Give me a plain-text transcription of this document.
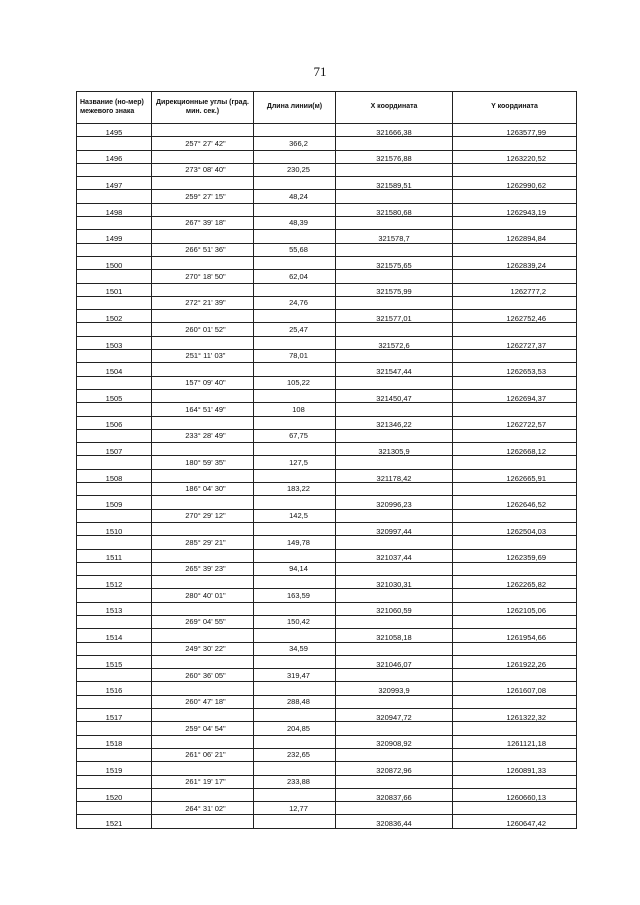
71
Название (но-мер) межевого знака	Дирекционные углы (град. мин. сек.)	Длина линии(м)	X координата	Y координата
1495			321666,38	1263577,99
	257° 27' 42"	366,2		
1496			321576,88	1263220,52
	273° 08' 40"	230,25		
1497			321589,51	1262990,62
	259° 27' 15"	48,24		
1498			321580,68	1262943,19
	267° 39' 18"	48,39		
1499			321578,7	1262894,84
	266° 51' 36"	55,68		
1500			321575,65	1262839,24
	270° 18' 50"	62,04		
1501			321575,99	1262777,2
	272° 21' 39"	24,76		
1502			321577,01	1262752,46
	260° 01' 52"	25,47		
1503			321572,6	1262727,37
	251° 11' 03"	78,01		
1504			321547,44	1262653,53
	157° 09' 40"	105,22		
1505			321450,47	1262694,37
	164° 51' 49"	108		
1506			321346,22	1262722,57
	233° 28' 49"	67,75		
1507			321305,9	1262668,12
	180° 59' 35"	127,5		
1508			321178,42	1262665,91
	186° 04' 30"	183,22		
1509			320996,23	1262646,52
	270° 29' 12"	142,5		
1510			320997,44	1262504,03
	285° 29' 21"	149,78		
1511			321037,44	1262359,69
	265° 39' 23"	94,14		
1512			321030,31	1262265,82
	280° 40' 01"	163,59		
1513			321060,59	1262105,06
	269° 04' 55"	150,42		
1514			321058,18	1261954,66
	249° 30' 22"	34,59		
1515			321046,07	1261922,26
	260° 36' 05"	319,47		
1516			320993,9	1261607,08
	260° 47' 18"	288,48		
1517			320947,72	1261322,32
	259° 04' 54"	204,85		
1518			320908,92	1261121,18
	261° 06' 21"	232,65		
1519			320872,96	1260891,33
	261° 19' 17"	233,88		
1520			320837,66	1260660,13
	264° 31' 02"	12,77		
1521			320836,44	1260647,42
